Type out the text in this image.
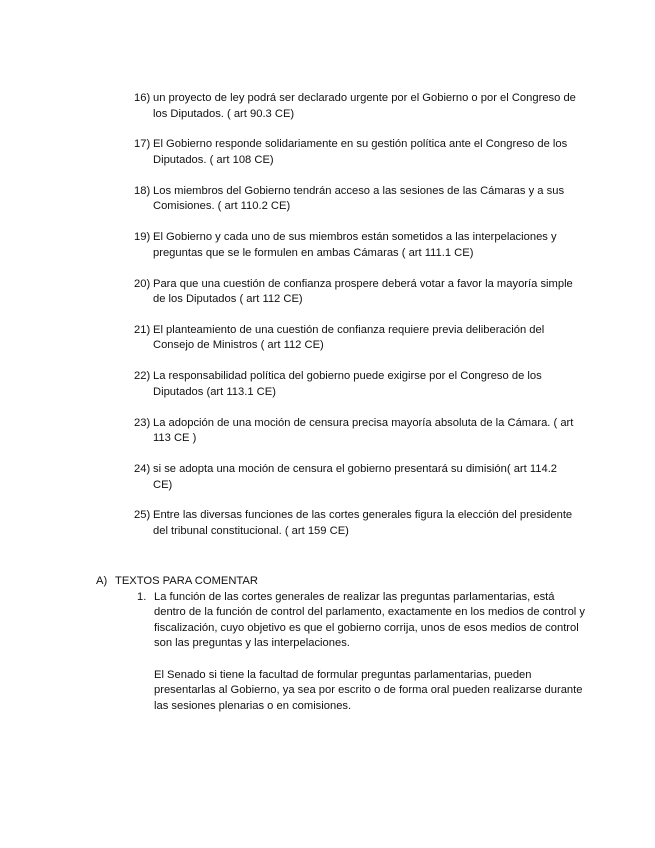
16) un proyecto de ley podrá ser declarado urgente por el Gobierno o por el Congreso de los Diputados. ( art 90.3 CE)
17) El Gobierno responde solidariamente en su gestión política ante el Congreso de los Diputados. ( art 108 CE)
18) Los miembros del Gobierno tendrán acceso a las sesiones de las Cámaras y a sus Comisiones. ( art 110.2 CE)
19) El Gobierno y cada uno de sus miembros están sometidos a las interpelaciones y preguntas que se le formulen en ambas Cámaras ( art 111.1 CE)
20) Para que una cuestión de confianza prospere deberá votar a favor la mayoría simple de los Diputados ( art 112 CE)
21) El planteamiento de una cuestión de confianza requiere previa deliberación del Consejo de Ministros ( art 112 CE)
22) La responsabilidad política del gobierno puede exigirse por el Congreso de los Diputados (art 113.1 CE)
23) La adopción de una moción de censura precisa mayoría absoluta de la Cámara. ( art 113 CE )
24) si se adopta una moción de censura el gobierno presentará su dimisión( art 114.2 CE)
25) Entre las diversas funciones de las cortes generales figura la elección del presidente del tribunal constitucional. ( art 159 CE)
A) TEXTOS PARA COMENTAR
1. La función de las cortes generales de realizar las preguntas parlamentarias, está dentro de la función de control del parlamento, exactamente en los medios de control y fiscalización, cuyo objetivo es que el gobierno corrija, unos de esos medios de control son las preguntas y las interpelaciones.

El Senado si tiene la facultad de formular preguntas parlamentarias, pueden presentarlas al Gobierno, ya sea por escrito o de forma oral pueden realizarse durante las sesiones plenarias o en comisiones.
